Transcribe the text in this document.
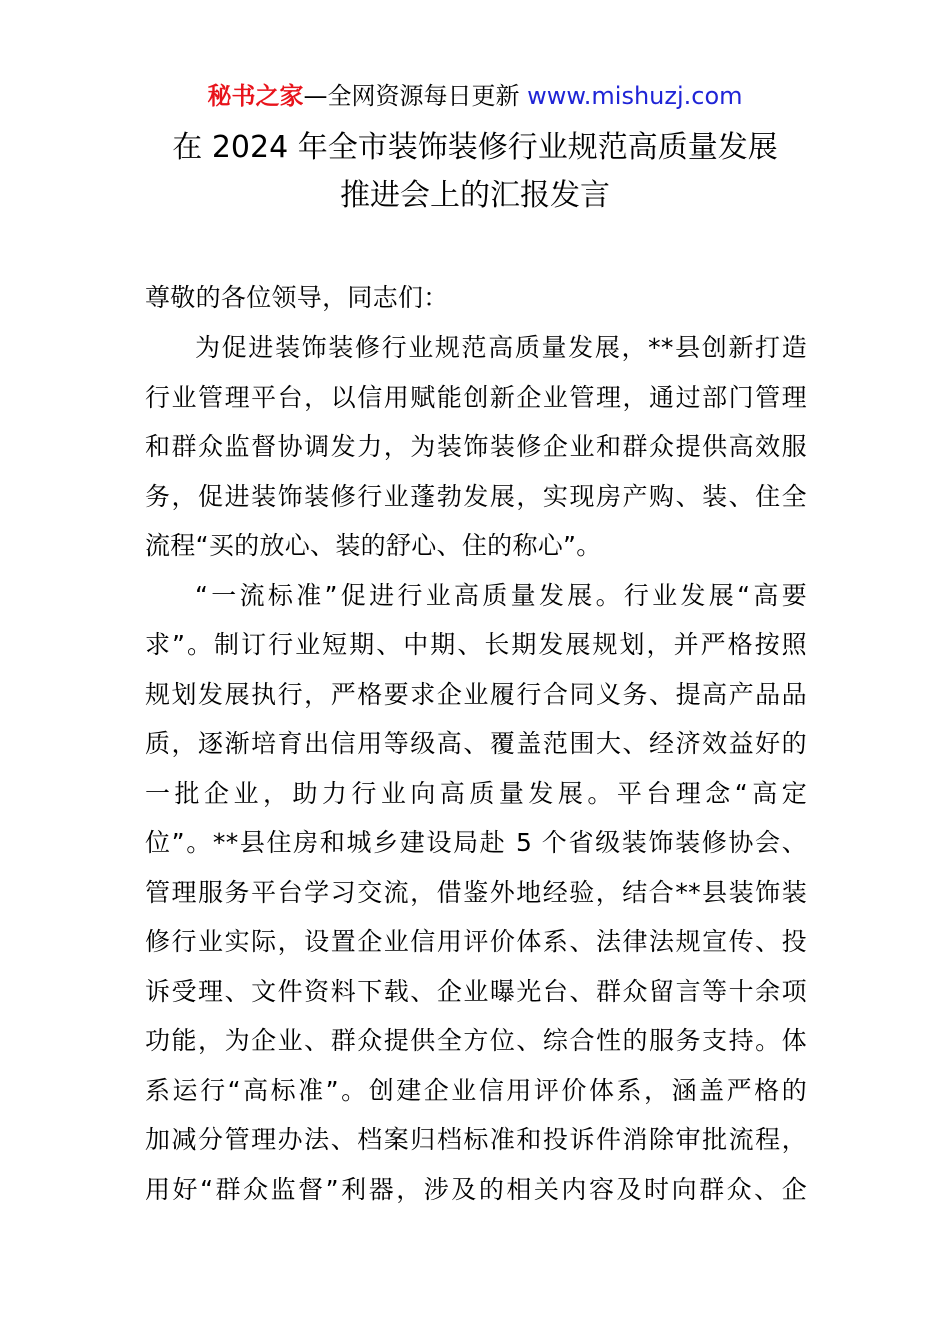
秘书之家—全网资源每日更新 www.mishuzj.com
在 2024 年全市装饰装修行业规范高质量发展
推进会上的汇报发言
尊敬的各位领导，同志们：
为促进装饰装修行业规范高质量发展，**县创新打造
行业管理平台，以信用赋能创新企业管理，通过部门管理
和群众监督协调发力，为装饰装修企业和群众提供高效服
务，促进装饰装修行业蓬勃发展，实现房产购、装、住全
流程“买的放心、装的舒心、住的称心”。
“一流标准”促进行业高质量发展。行业发展“高要
求”。制订行业短期、中期、长期发展规划，并严格按照
规划发展执行，严格要求企业履行合同义务、提高产品品
质，逐渐培育出信用等级高、覆盖范围大、经济效益好的
一批企业，助力行业向高质量发展。平台理念“高定
位”。**县住房和城乡建设局赴 5 个省级装饰装修协会、
管理服务平台学习交流，借鉴外地经验，结合**县装饰装
修行业实际，设置企业信用评价体系、法律法规宣传、投
诉受理、文件资料下载、企业曝光台、群众留言等十余项
功能，为企业、群众提供全方位、综合性的服务支持。体
系运行“高标准”。创建企业信用评价体系，涵盖严格的
加减分管理办法、档案归档标准和投诉件消除审批流程，
用好“群众监督”利器，涉及的相关内容及时向群众、企
